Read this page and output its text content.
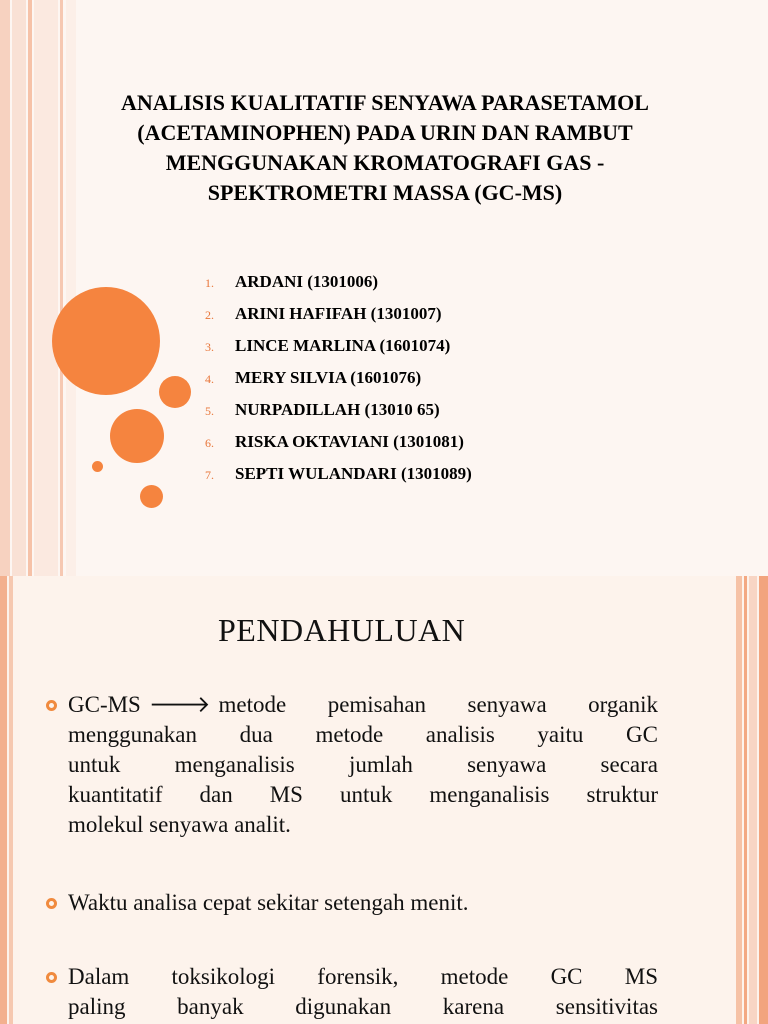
ANALISIS KUALITATIF SENYAWA PARASETAMOL
(ACETAMINOPHEN) PADA URIN DAN RAMBUT
MENGGUNAKAN KROMATOGRAFI GAS -
SPEKTROMETRI MASSA (GC-MS)
1.	ARDANI (1301006)
2.	ARINI HAFIFAH (1301007)
3.	LINCE MARLINA (1601074)
4.	MERY SILVIA (1601076)
5.	NURPADILLAH (13010 65)
6.	RISKA OKTAVIANI (1301081)
7.	SEPTI WULANDARI (1301089)
PENDAHULUAN
GC-MS 🡒 metode pemisahan senyawa organik
menggunakan dua metode analisis yaitu GC
untuk menganalisis jumlah senyawa secara
kuantitatif dan MS untuk menganalisis struktur
molekul senyawa analit.
Waktu analisa cepat sekitar setengah menit.
Dalam toksikologi forensik, metode GC MS
paling banyak digunakan karena sensitivitas
